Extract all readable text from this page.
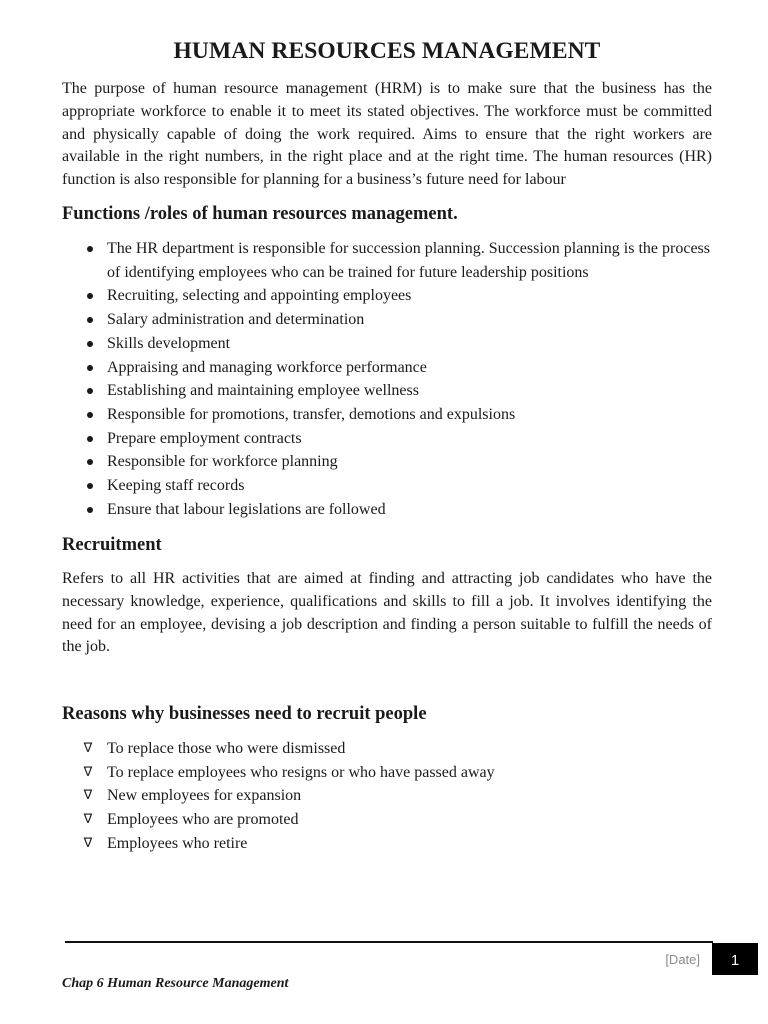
HUMAN RESOURCES MANAGEMENT

The purpose of human resource management (HRM) is to make sure that the business has the appropriate workforce to enable it to meet its stated objectives. The workforce must be committed and physically capable of doing the work required. Aims to ensure that the right workers are available in the right numbers, in the right place and at the right time. The human resources (HR) function is also responsible for planning for a business’s future need for labour

Functions /roles of human resources management.
The HR department is responsible for succession planning. Succession planning is the process of identifying employees who can be trained for future leadership positions
Recruiting, selecting and appointing employees
Salary administration and determination
Skills development
Appraising and managing workforce performance
Establishing and maintaining employee wellness
Responsible for promotions, transfer, demotions and expulsions
Prepare employment contracts
Responsible for workforce planning
Keeping staff records
Ensure that labour legislations are followed
Recruitment

Refers to all HR activities that are aimed at finding and attracting job candidates who have the necessary knowledge, experience, qualifications and skills to fill a job. It involves identifying the need for an employee, devising a job description and finding a person suitable to fulfill the needs of the job.

Reasons why businesses need to recruit people
∇ To replace those who were dismissed
∇ To replace employees who resigns or who have passed away
∇ New employees for expansion
∇ Employees who are promoted
∇ Employees who retire
[Date]	1
Chap 6 Human Resource Management
